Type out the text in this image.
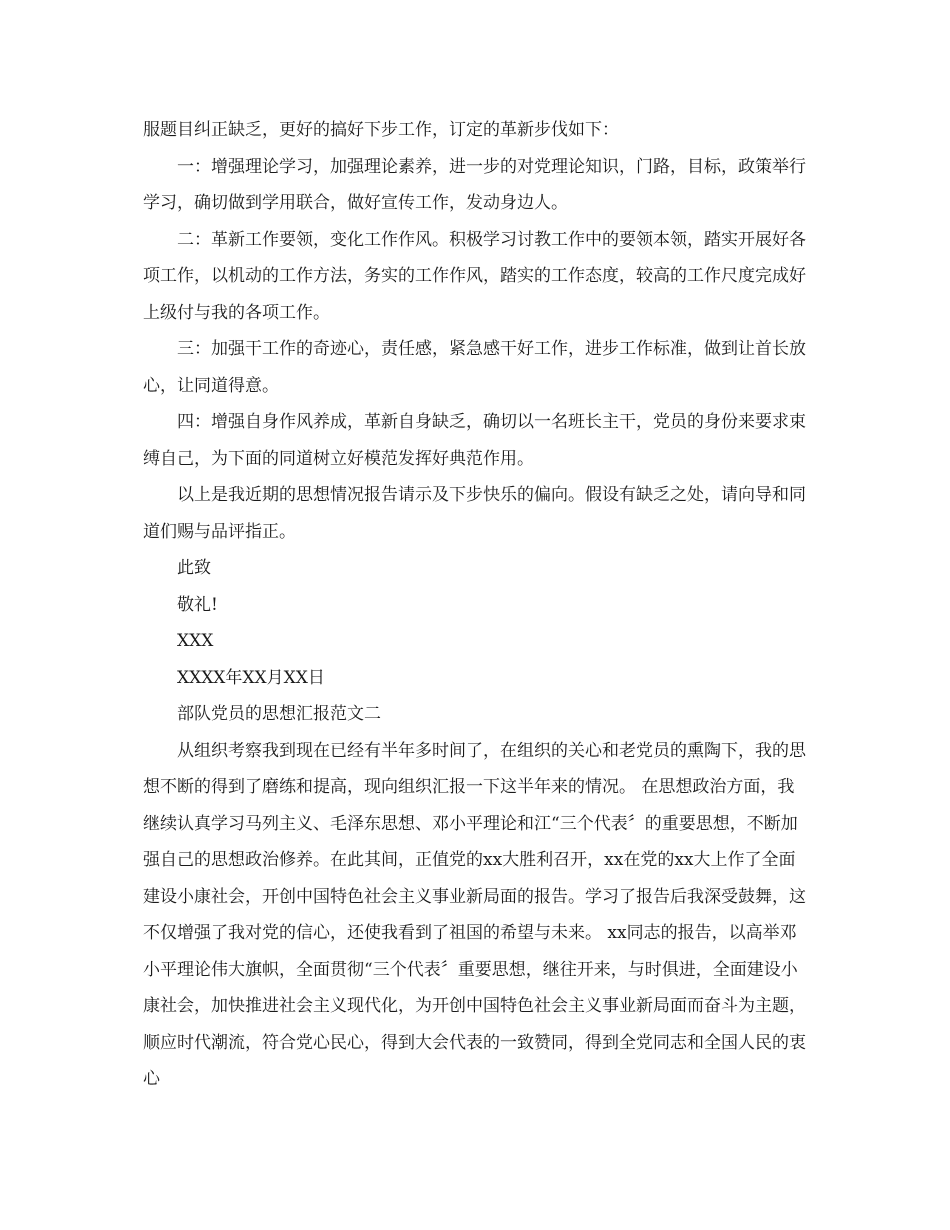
服题目纠正缺乏，更好的搞好下步工作，订定的革新步伐如下：

一：增强理论学习，加强理论素养，进一步的对党理论知识，门路，目标，政策举行学习，确切做到学用联合，做好宣传工作，发动身边人。

二：革新工作要领，变化工作作风。积极学习讨教工作中的要领本领，踏实开展好各项工作，以机动的工作方法，务实的工作作风，踏实的工作态度，较高的工作尺度完成好上级付与我的各项工作。

三：加强干工作的奇迹心，责任感，紧急感干好工作，进步工作标准，做到让首长放心，让同道得意。

四：增强自身作风养成，革新自身缺乏，确切以一名班长主干，党员的身份来要求束缚自己，为下面的同道树立好模范发挥好典范作用。

以上是我近期的思想情况报告请示及下步快乐的偏向。假设有缺乏之处，请向导和同道们赐与品评指正。

此致

敬礼!

XXX

XXXX年XX月XX日

部队党员的思想汇报范文二

从组织考察我到现在已经有半年多时间了，在组织的关心和老党员的熏陶下，我的思想不断的得到了磨练和提高，现向组织汇报一下这半年来的情况。 在思想政治方面，我继续认真学习马列主义、毛泽东思想、邓小平理论和江“三个代表〞的重要思想，不断加强自己的思想政治修养。在此其间，正值党的xx大胜利召开，xx在党的xx大上作了全面建设小康社会，开创中国特色社会主义事业新局面的报告。学习了报告后我深受鼓舞，这不仅增强了我对党的信心，还使我看到了祖国的希望与未来。 xx同志的报告，以高举邓小平理论伟大旗帜，全面贯彻“三个代表〞重要思想，继往开来，与时俱进，全面建设小康社会，加快推进社会主义现代化，为开创中国特色社会主义事业新局面而奋斗为主题，顺应时代潮流，符合党心民心，得到大会代表的一致赞同，得到全党同志和全国人民的衷心
